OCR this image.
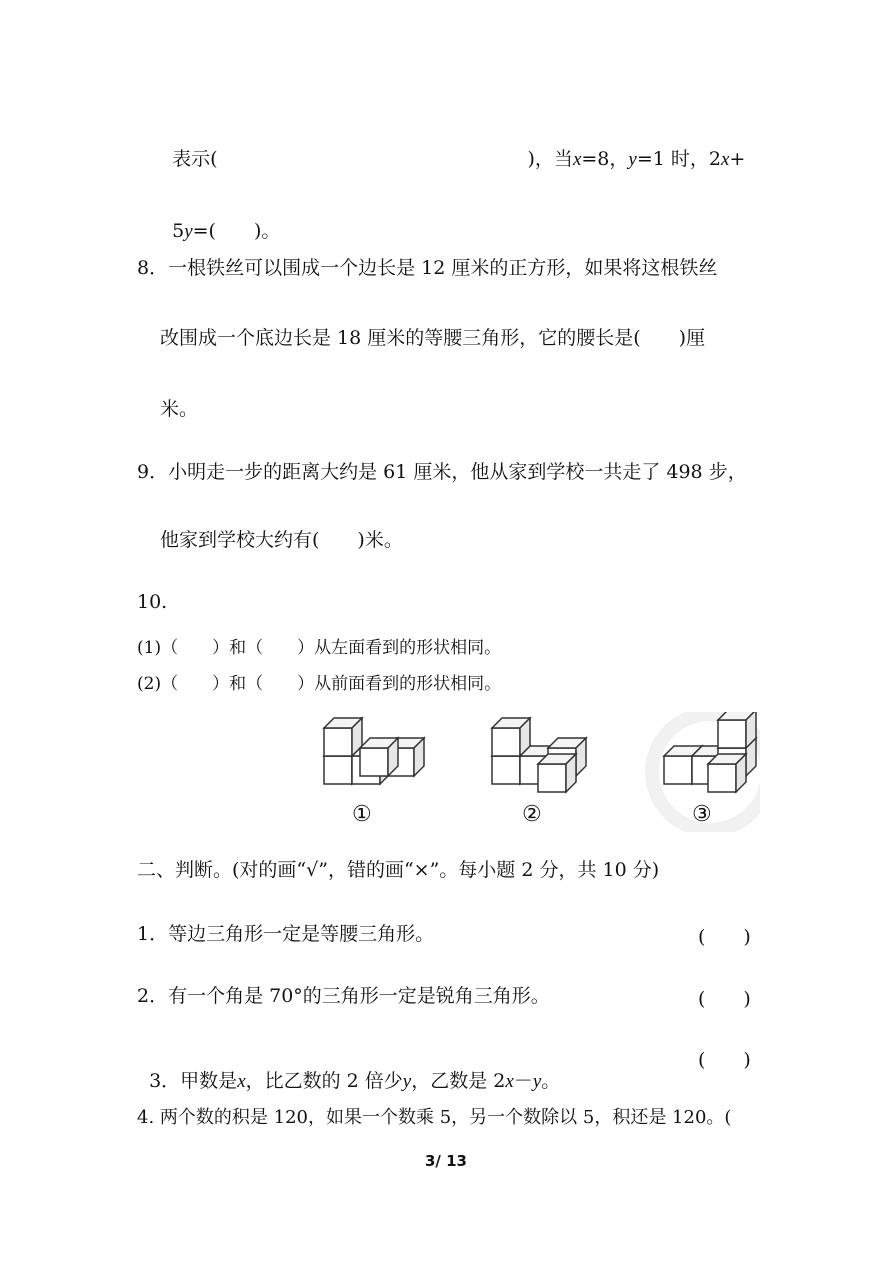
表示(	)，当x=8，y=1 时，2x+

5y=(　　)。

8．一根铁丝可以围成一个边长是 12 厘米的正方形，如果将这根铁丝
改围成一个底边长是 18 厘米的等腰三角形，它的腰长是(　　)厘
米。
9．小明走一步的距离大约是 61 厘米，他从家到学校一共走了 498 步，
他家到学校大约有(　　)米。
10.
(1)（　　）和（　　）从左面看到的形状相同。
(2)（　　）和（　　）从前面看到的形状相同。
①	②	③
二、判断。(对的画“√”，错的画“×”。每小题 2 分，共 10 分)
1．等边三角形一定是等腰三角形。	(　　)
2．有一个角是 70°的三角形一定是锐角三角形。	(　　)

3．甲数是x，比乙数的 2 倍少y，乙数是 2x－y。

(　　)
4. 两个数的积是 120，如果一个数乘 5，另一个数除以 5，积还是 120。(
3/ 13
